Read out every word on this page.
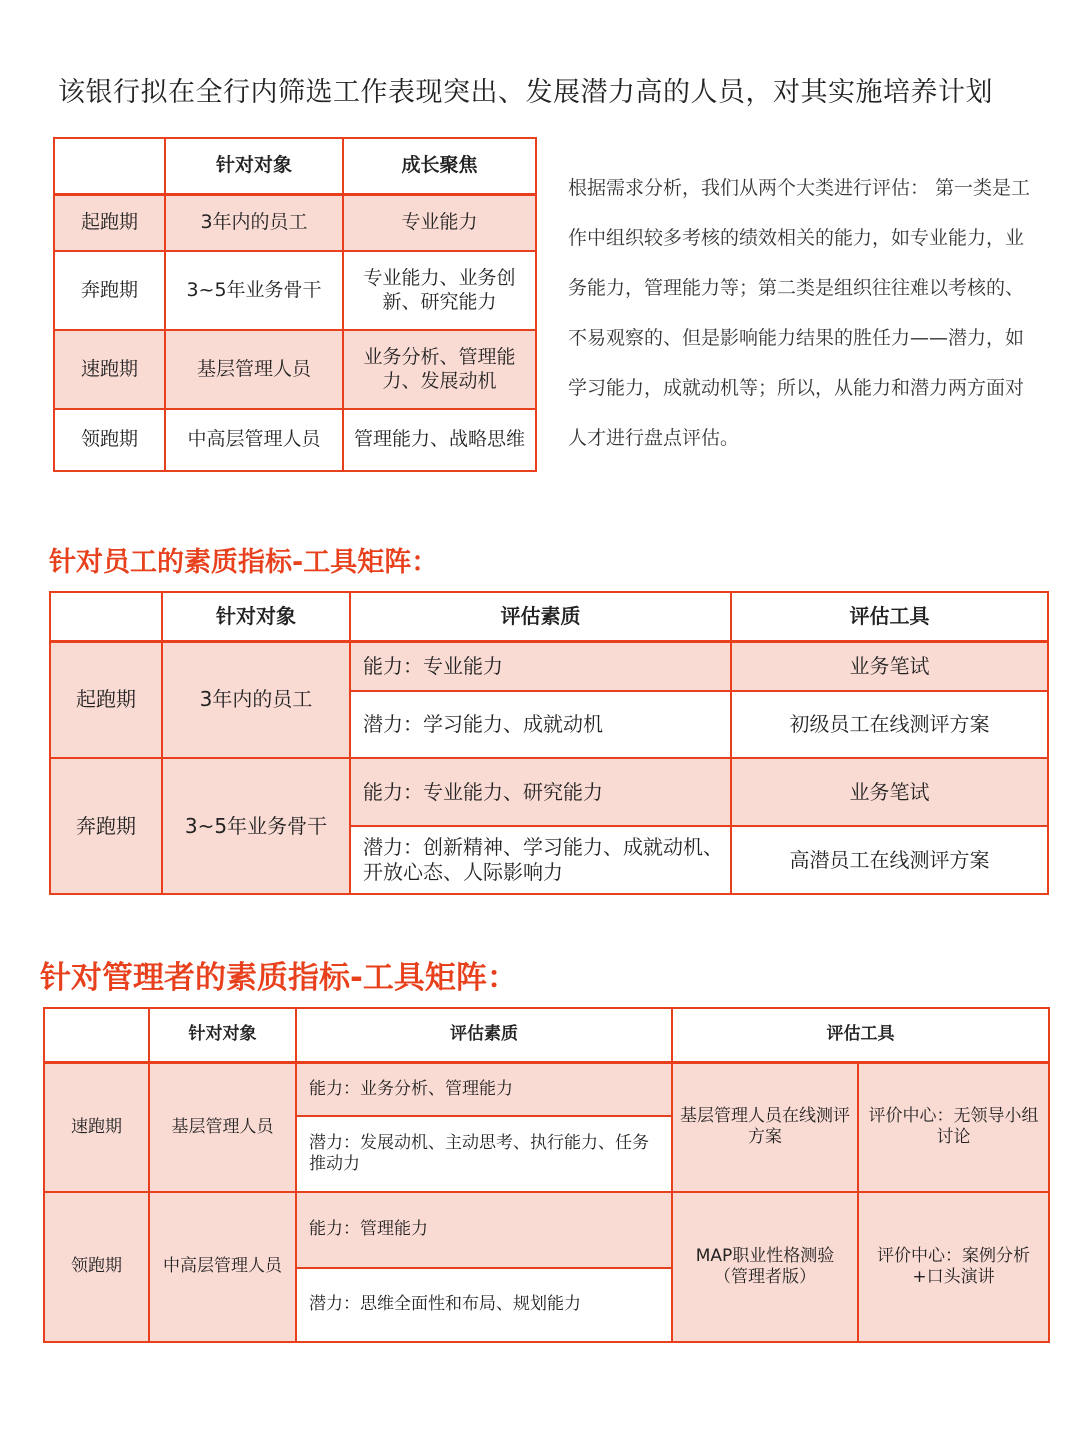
该银行拟在全行内筛选工作表现突出、发展潜力高的人员，对其实施培养计划
	针对对象	成长聚焦
起跑期	3年内的员工	专业能力
奔跑期	3~5年业务骨干	专业能力、业务创新、研究能力
速跑期	基层管理人员	业务分析、管理能力、发展动机
领跑期	中高层管理人员	管理能力、战略思维
根据需求分析，我们从两个大类进行评估： 第一类是工作中组织较多考核的绩效相关的能力，如专业能力，业务能力，管理能力等；第二类是组织往往难以考核的、不易观察的、但是影响能力结果的胜任力——潜力，如学习能力，成就动机等；所以，从能力和潜力两方面对人才进行盘点评估。
针对员工的素质指标-工具矩阵：
	针对对象	评估素质	评估工具
起跑期	3年内的员工	能力：专业能力	业务笔试
		潜力：学习能力、成就动机	初级员工在线测评方案
奔跑期	3~5年业务骨干	能力：专业能力、研究能力	业务笔试
		潜力：创新精神、学习能力、成就动机、开放心态、人际影响力	高潜员工在线测评方案
针对管理者的素质指标-工具矩阵：
	针对对象	评估素质	评估工具	
速跑期	基层管理人员	能力：业务分析、管理能力	基层管理人员在线测评方案	评价中心：无领导小组讨论
		潜力：发展动机、主动思考、执行能力、任务推动力		
领跑期	中高层管理人员	能力：管理能力	MAP职业性格测验（管理者版）	评价中心：案例分析+口头演讲
		潜力：思维全面性和布局、规划能力		
